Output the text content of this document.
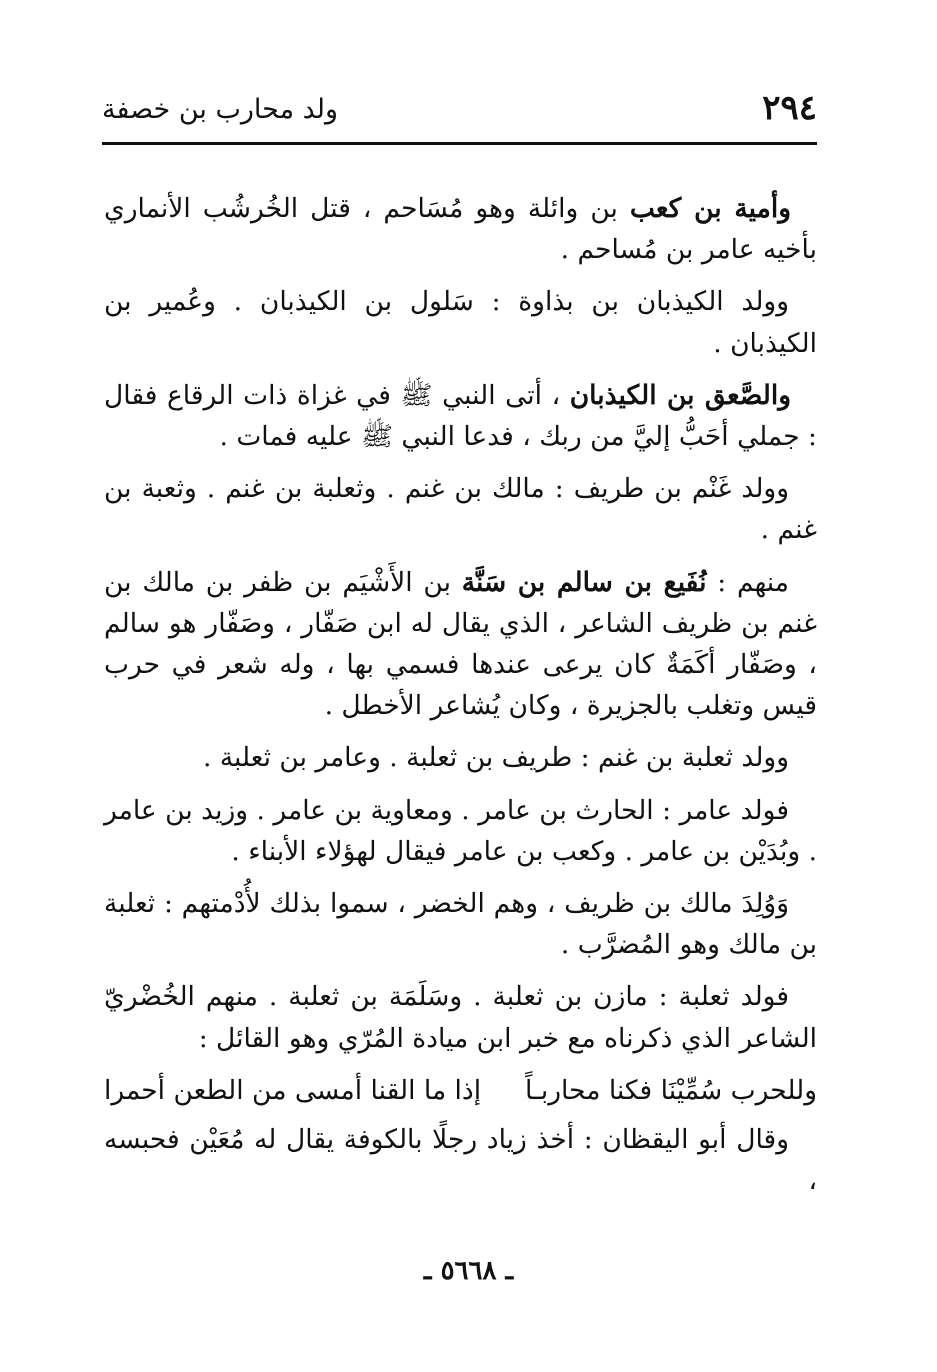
٢٩٤
ولد محارب بن خصفة

وأمية بن كعب بن وائلة وهو مُسَاحم ، قتل الخُرشُب الأنماري بأخيه عامر بن مُساحم .

وولد الكيذبان بن بذاوة : سَلول بن الكيذبان . وعُمير بن الكيذبان .

والصَّعق بن الكيذبان ، أتى النبي ﷺ في غزاة ذات الرقاع فقال : جملي أحَبُّ إليَّ من ربك ، فدعا النبي ﷺ عليه فمات .

وولد غَنْم بن طريف : مالك بن غنم . وثعلبة بن غنم . وثعبة بن غنم .

منهم : نُفَيع بن سالم بن سَنَّة بن الأَشْيَم بن ظفر بن مالك بن غنم بن ظريف الشاعر ، الذي يقال له ابن صَفّار ، وصَفّار هو سالم ، وصَفّار أكَمَةٌ كان يرعى عندها فسمي بها ، وله شعر في حرب قيس وتغلب بالجزيرة ، وكان يُشاعر الأخطل .

وولد ثعلبة بن غنم : طريف بن ثعلبة . وعامر بن ثعلبة .

فولد عامر : الحارث بن عامر . ومعاوية بن عامر . وزيد بن عامر . وبُدَيْن بن عامر . وكعب بن عامر فيقال لهؤلاء الأبناء .

وَوُلِدَ مالك بن ظريف ، وهم الخضر ، سموا بذلك لأُدْمتهم : ثعلبة بن مالك وهو المُضرَّب .

فولد ثعلبة : مازن بن ثعلبة . وسَلَمَة بن ثعلبة . منهم الخُضْريّ الشاعر الذي ذكرناه مع خبر ابن ميادة المُرّي وهو القائل :

وللحرب سُمِّيْنَا فكنا محاربـاً
إذا ما القنا أمسى من الطعن أحمرا

وقال أبو اليقظان : أخذ زياد رجلًا بالكوفة يقال له مُعَيْن فحبسه ،

ـ ٥٦٦٨ ـ
